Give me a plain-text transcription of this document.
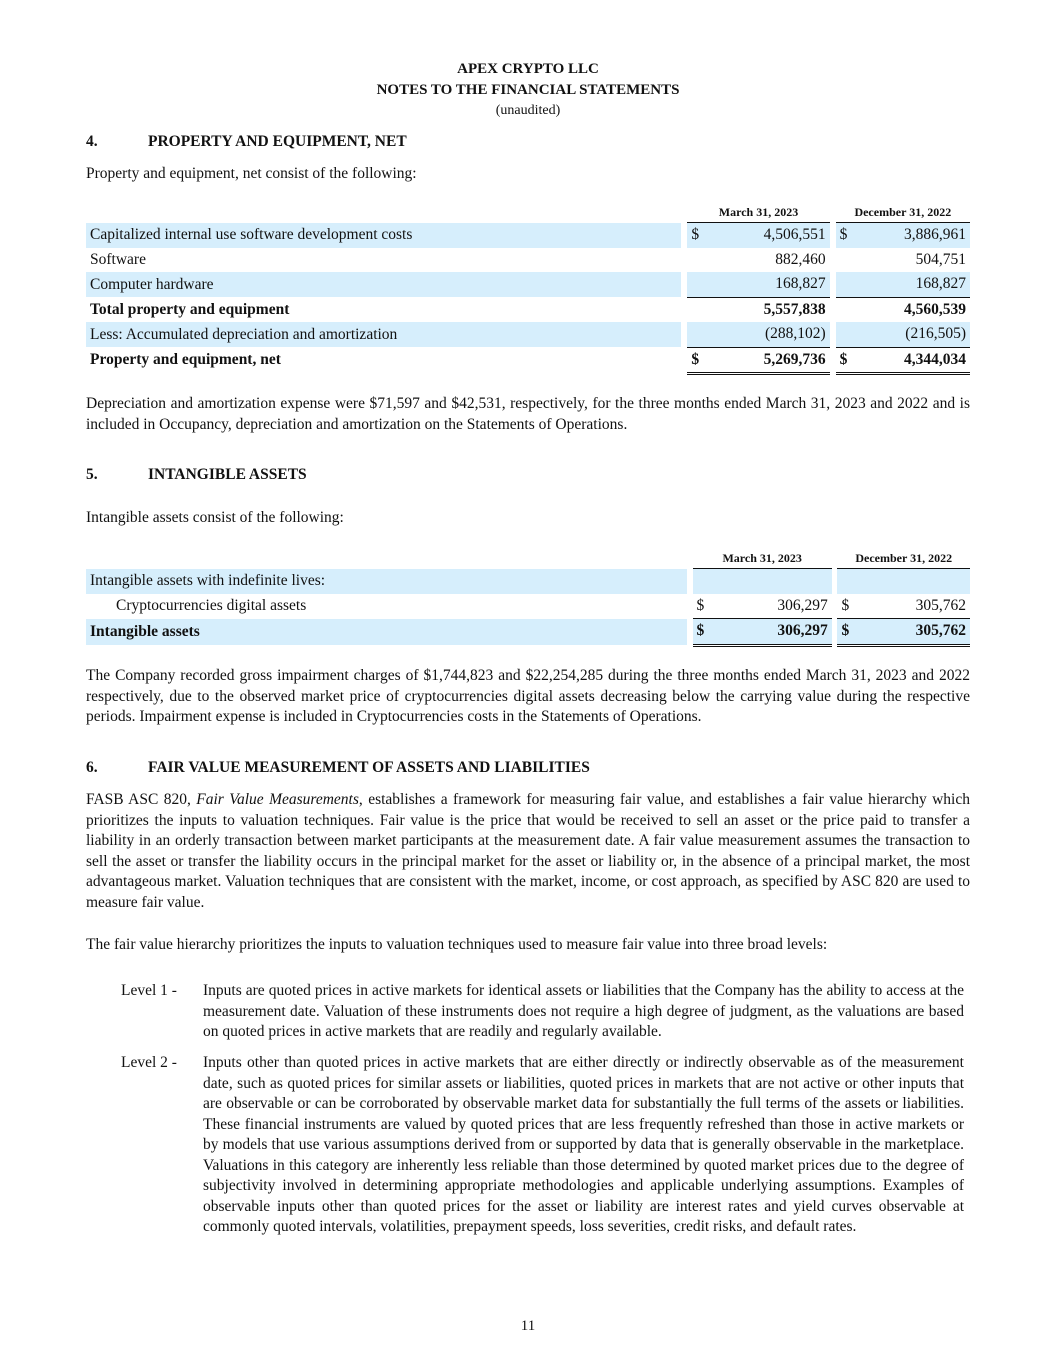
APEX CRYPTO LLC
NOTES TO THE FINANCIAL STATEMENTS
(unaudited)
4.	PROPERTY AND EQUIPMENT, NET
Property and equipment, net consist of the following:
		March 31, 2023			December 31, 2022	
Capitalized internal use software development costs		$	4,506,551		$	3,886,961
Software			882,460			504,751
Computer hardware			168,827			168,827
Total property and equipment			5,557,838			4,560,539
Less: Accumulated depreciation and amortization			(288,102)			(216,505)
Property and equipment, net		$	5,269,736		$	4,344,034
Depreciation and amortization expense were $71,597 and $42,531, respectively, for the three months ended March 31, 2023 and 2022 and is included in Occupancy, depreciation and amortization on the Statements of Operations.
5.	INTANGIBLE ASSETS
Intangible assets consist of the following:
		March 31, 2023			December 31, 2022	
Intangible assets with indefinite lives:						
Cryptocurrencies digital assets		$	306,297		$	305,762
Intangible assets		$	306,297		$	305,762
The Company recorded gross impairment charges of $1,744,823 and $22,254,285 during the three months ended March 31, 2023 and 2022 respectively, due to the observed market price of cryptocurrencies digital assets decreasing below the carrying value during the respective periods. Impairment expense is included in Cryptocurrencies costs in the Statements of Operations.
6.	FAIR VALUE MEASUREMENT OF ASSETS AND LIABILITIES
FASB ASC 820, Fair Value Measurements, establishes a framework for measuring fair value, and establishes a fair value hierarchy which prioritizes the inputs to valuation techniques. Fair value is the price that would be received to sell an asset or the price paid to transfer a liability in an orderly transaction between market participants at the measurement date. A fair value measurement assumes the transaction to sell the asset or transfer the liability occurs in the principal market for the asset or liability or, in the absence of a principal market, the most advantageous market. Valuation techniques that are consistent with the market, income, or cost approach, as specified by ASC 820 are used to measure fair value.
The fair value hierarchy prioritizes the inputs to valuation techniques used to measure fair value into three broad levels:
Level 1 - Inputs are quoted prices in active markets for identical assets or liabilities that the Company has the ability to access at the measurement date. Valuation of these instruments does not require a high degree of judgment, as the valuations are based on quoted prices in active markets that are readily and regularly available.
Level 2 - Inputs other than quoted prices in active markets that are either directly or indirectly observable as of the measurement date, such as quoted prices for similar assets or liabilities, quoted prices in markets that are not active or other inputs that are observable or can be corroborated by observable market data for substantially the full terms of the assets or liabilities. These financial instruments are valued by quoted prices that are less frequently refreshed than those in active markets or by models that use various assumptions derived from or supported by data that is generally observable in the marketplace. Valuations in this category are inherently less reliable than those determined by quoted market prices due to the degree of subjectivity involved in determining appropriate methodologies and applicable underlying assumptions. Examples of observable inputs other than quoted prices for the asset or liability are interest rates and yield curves observable at commonly quoted intervals, volatilities, prepayment speeds, loss severities, credit risks, and default rates.
11
